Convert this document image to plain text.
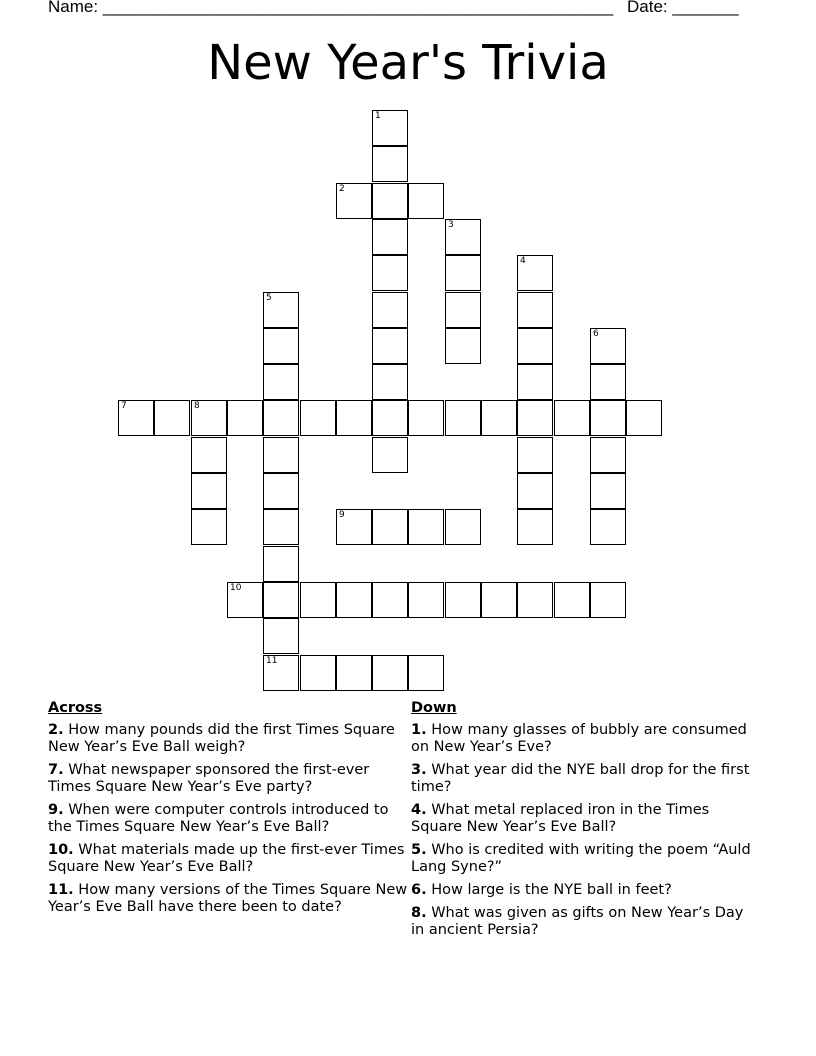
Name: ______________________________________________________ Date: _______
New Year's Trivia
1
2
3
4
5
11
6
7	8
9
10
Across
2. How many pounds did the first Times Square New Year’s Eve Ball weigh?
7. What newspaper sponsored the first-ever Times Square New Year’s Eve party?
9. When were computer controls introduced to the Times Square New Year’s Eve Ball?
10. What materials made up the first-ever Times Square New Year’s Eve Ball?
11. How many versions of the Times Square New Year’s Eve Ball have there been to date?
Down
1. How many glasses of bubbly are consumed on New Year’s Eve?
3. What year did the NYE ball drop for the first time?
4. What metal replaced iron in the Times Square New Year’s Eve Ball?
5. Who is credited with writing the poem “Auld Lang Syne?”
6. How large is the NYE ball in feet?
8. What was given as gifts on New Year’s Day in ancient Persia?
